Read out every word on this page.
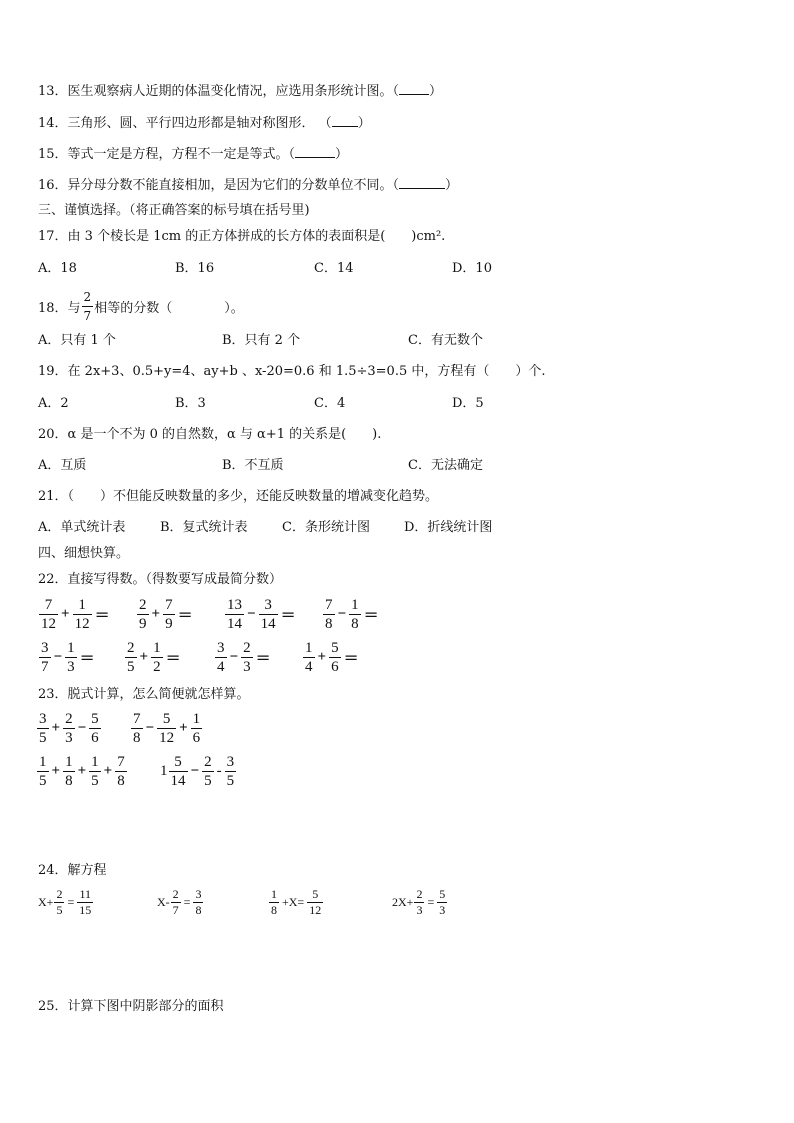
13．医生观察病人近期的体温变化情况，应选用条形统计图。（ ）
14．三角形、圆、平行四边形都是轴对称图形． （ ）
15．等式一定是方程，方程不一定是等式。（	）
16．异分母分数不能直接相加，是因为它们的分数单位不同。（	）
三、谨慎选择。（将正确答案的标号填在括号里)
17．由 3 个棱长是 1cm 的正方体拼成的长方体的表面积是(　　)cm².
A．18	B．16	C．14	D．10
18．与 $\frac{2}{7}$ 相等的分数（　　　　）。
A．只有 1 个	B．只有 2 个	C．有无数个
19．在 2x+3、0.5+y=4、ay+b 、x-20=0.6 和 1.5÷3=0.5 中，方程有（　　）个.
A．2	B．3	C．4	D．5
20．α 是一个不为 0 的自然数，α 与 α+1 的关系是(　　).
A．互质	B．不互质	C．无法确定
21．（　　）不但能反映数量的多少，还能反映数量的增减变化趋势。
A．单式统计表	B．复式统计表	C．条形统计图	D．折线统计图
四、细想快算。
22．直接写得数。（得数要写成最简分数）
$\frac{7}{12} + \frac{1}{12} = \frac{2}{9} + \frac{7}{9} = \frac{13}{14} - \frac{3}{14} = \frac{7}{8} - \frac{1}{8}$ ＝
$\frac{3}{7} - \frac{1}{3} = \frac{2}{5} + \frac{1}{2} = \frac{3}{4} - \frac{2}{3} = \frac{1}{4} + \frac{5}{6}$ ＝
23．脱式计算，怎么简便就怎样算。
$\frac{3}{5} + \frac{2}{3} - \frac{5}{6} \frac{7}{8} - \frac{5}{12} + \frac{1}{6}$
$\frac{1}{5} + \frac{1}{8} + \frac{1}{5} + \frac{7}{8} 1 \frac{5}{14} - \frac{2}{5} - \frac{3}{5}$
24．解方程
$X+ \frac{2}{5} = \frac{11}{15}$	$X- \frac{2}{7} = \frac{3}{8}$	$\frac{1}{8} +X= \frac{5}{12}$	$2X+ \frac{2}{3} = \frac{5}{3}$
25．计算下图中阴影部分的面积
